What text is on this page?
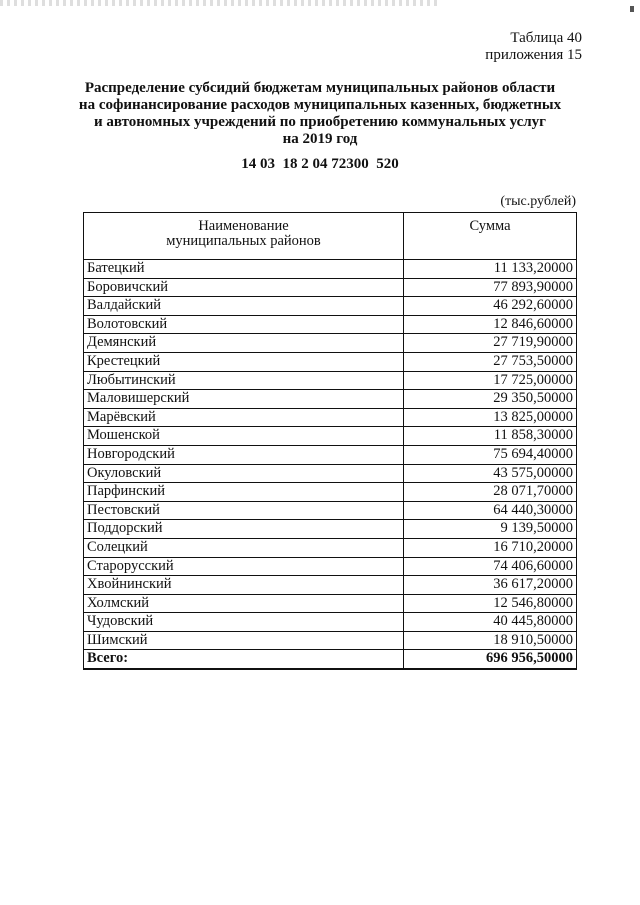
Таблица 40
приложения 15
Распределение субсидий бюджетам муниципальных районов области
на софинансирование расходов муниципальных казенных, бюджетных
и автономных учреждений по приобретению коммунальных услуг
на 2019 год
14 03  18 2 04 72300  520
(тыс.рублей)
Наименование
муниципальных районов	Сумма
Батецкий	11 133,20000
Боровичский	77 893,90000
Валдайский	46 292,60000
Волотовский	12 846,60000
Демянский	27 719,90000
Крестецкий	27 753,50000
Любытинский	17 725,00000
Маловишерский	29 350,50000
Марёвский	13 825,00000
Мошенской	11 858,30000
Новгородский	75 694,40000
Окуловский	43 575,00000
Парфинский	28 071,70000
Пестовский	64 440,30000
Поддорский	9 139,50000
Солецкий	16 710,20000
Старорусский	74 406,60000
Хвойнинский	36 617,20000
Холмский	12 546,80000
Чудовский	40 445,80000
Шимский	18 910,50000
Всего:	696 956,50000
